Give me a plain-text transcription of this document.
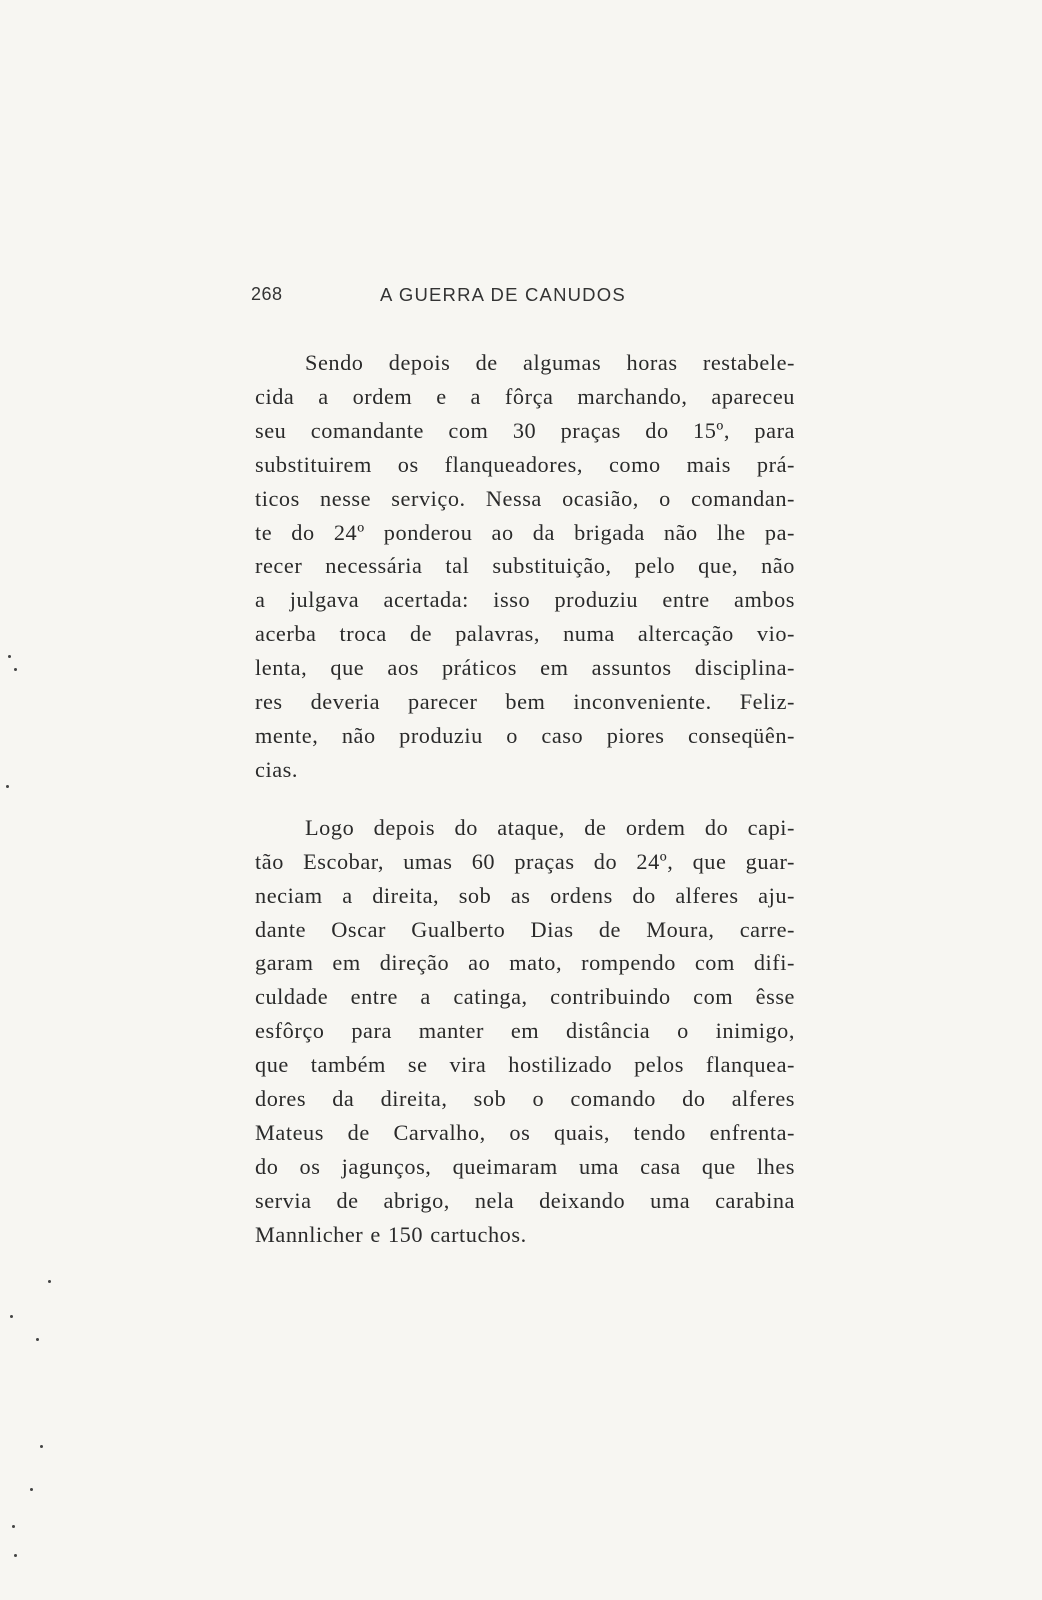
268	A GUERRA DE CANUDOS

Sendo depois de algumas horas restabele-
cida a ordem e a fôrça marchando, apareceu
seu comandante com 30 praças do 15º, para
substituirem os flanqueadores, como mais prá-
ticos nesse serviço. Nessa ocasião, o comandan-
te do 24º ponderou ao da brigada não lhe pa-
recer necessária tal substituição, pelo que, não
a julgava acertada: isso produziu entre ambos
acerba troca de palavras, numa altercação vio-
lenta, que aos práticos em assuntos disciplina-
res deveria parecer bem inconveniente. Feliz-
mente, não produziu o caso piores conseqüên-
cias.

Logo depois do ataque, de ordem do capi-
tão Escobar, umas 60 praças do 24º, que guar-
neciam a direita, sob as ordens do alferes aju-
dante Oscar Gualberto Dias de Moura, carre-
garam em direção ao mato, rompendo com difi-
culdade entre a catinga, contribuindo com êsse
esfôrço para manter em distância o inimigo,
que também se vira hostilizado pelos flanquea-
dores da direita, sob o comando do alferes
Mateus de Carvalho, os quais, tendo enfrenta-
do os jagunços, queimaram uma casa que lhes
servia de abrigo, nela deixando uma carabina
Mannlicher e 150 cartuchos.
